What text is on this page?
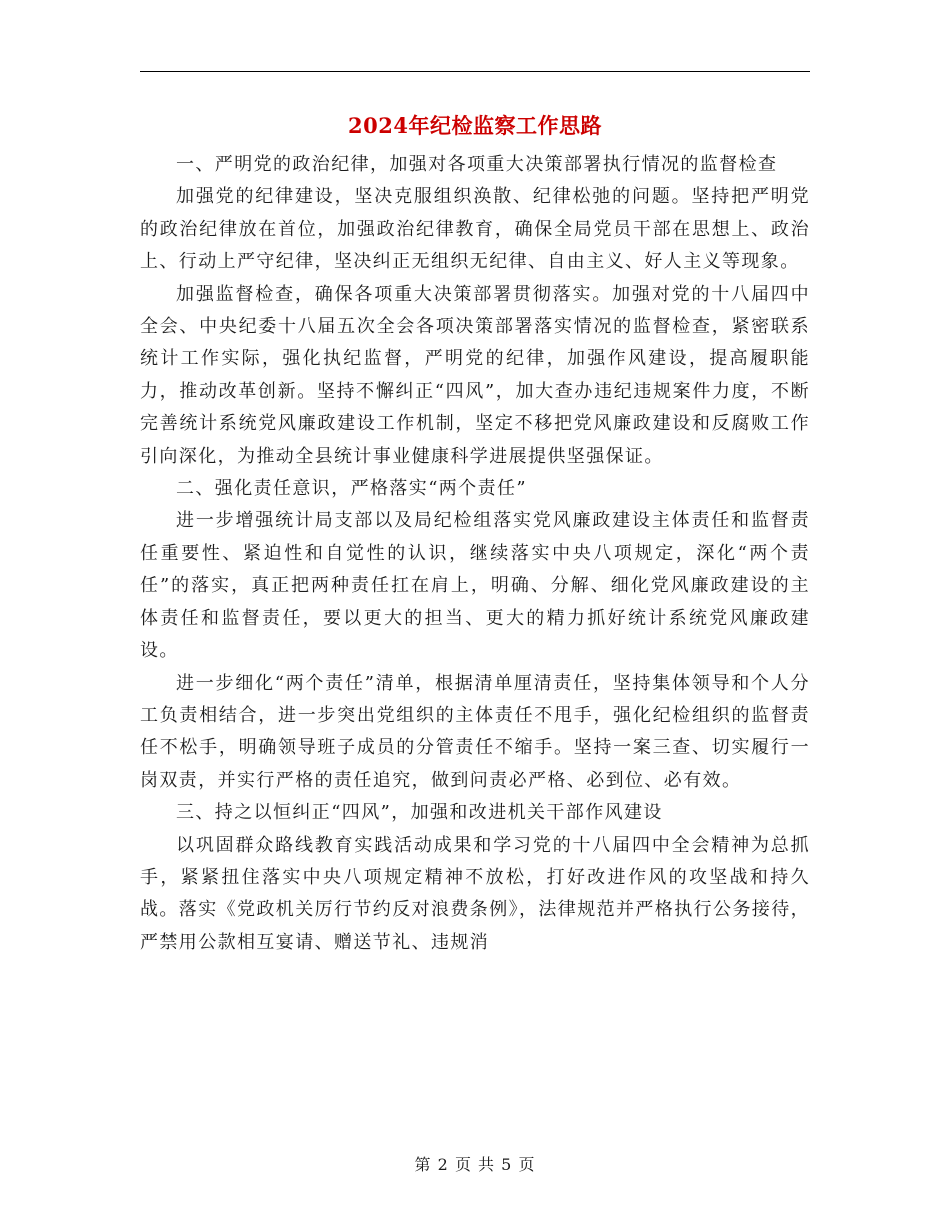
2024年纪检监察工作思路

一、严明党的政治纪律，加强对各项重大决策部署执行情况的监督检查

加强党的纪律建设，坚决克服组织涣散、纪律松弛的问题。坚持把严明党的政治纪律放在首位，加强政治纪律教育，确保全局党员干部在思想上、政治上、行动上严守纪律，坚决纠正无组织无纪律、自由主义、好人主义等现象。

加强监督检查，确保各项重大决策部署贯彻落实。加强对党的十八届四中全会、中央纪委十八届五次全会各项决策部署落实情况的监督检查，紧密联系统计工作实际，强化执纪监督，严明党的纪律，加强作风建设，提高履职能力，推动改革创新。坚持不懈纠正“四风”，加大查办违纪违规案件力度，不断完善统计系统党风廉政建设工作机制，坚定不移把党风廉政建设和反腐败工作引向深化，为推动全县统计事业健康科学进展提供坚强保证。

二、强化责任意识，严格落实“两个责任”

进一步增强统计局支部以及局纪检组落实党风廉政建设主体责任和监督责任重要性、紧迫性和自觉性的认识，继续落实中央八项规定，深化“两个责任”的落实，真正把两种责任扛在肩上，明确、分解、细化党风廉政建设的主体责任和监督责任，要以更大的担当、更大的精力抓好统计系统党风廉政建设。

进一步细化“两个责任”清单，根据清单厘清责任，坚持集体领导和个人分工负责相结合，进一步突出党组织的主体责任不甩手，强化纪检组织的监督责任不松手，明确领导班子成员的分管责任不缩手。坚持一案三查、切实履行一岗双责，并实行严格的责任追究，做到问责必严格、必到位、必有效。

三、持之以恒纠正“四风”，加强和改进机关干部作风建设

以巩固群众路线教育实践活动成果和学习党的十八届四中全会精神为总抓手，紧紧扭住落实中央八项规定精神不放松，打好改进作风的攻坚战和持久战。落实《党政机关厉行节约反对浪费条例》，法律规范并严格执行公务接待，严禁用公款相互宴请、赠送节礼、违规消

第 2 页 共 5 页
